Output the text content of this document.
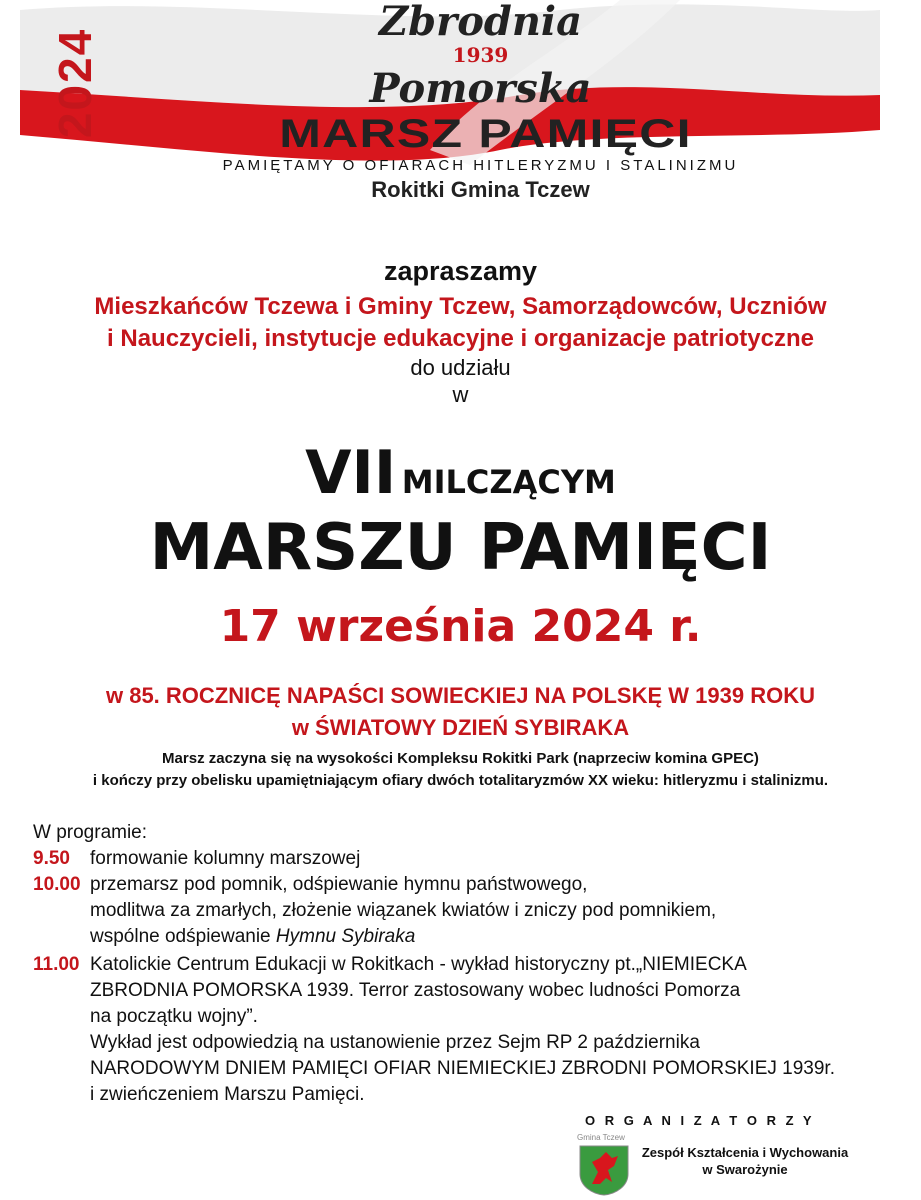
2024
Zbrodnia
1939
Pomorska
MARSZ PAMIĘCI
PAMIĘTAMY O OFIARACH HITLERYZMU I STALINIZMU
Rokitki Gmina Tczew
zapraszamy
Mieszkańców Tczewa i Gminy Tczew, Samorządowców, Uczniów
i Nauczycieli, instytucje edukacyjne i organizacje patriotyczne
do udziału
w
VII MILCZĄCYM
MARSZU PAMIĘCI
17 września 2024 r.
w 85. ROCZNICĘ NAPAŚCI SOWIECKIEJ NA POLSKĘ W 1939 ROKU
w ŚWIATOWY DZIEŃ SYBIRAKA
Marsz zaczyna się na wysokości Kompleksu Rokitki Park (naprzeciw komina GPEC)
i kończy przy obelisku upamiętniającym ofiary dwóch totalitaryzmów XX wieku: hitleryzmu i stalinizmu.
W programie:
9.50 formowanie kolumny marszowej
10.00 przemarsz pod pomnik, odśpiewanie hymnu państwowego,
modlitwa za zmarłych, złożenie wiązanek kwiatów i zniczy pod pomnikiem,
wspólne odśpiewanie Hymnu Sybiraka
11.00 Katolickie Centrum Edukacji w Rokitkach - wykład historyczny pt.„NIEMIECKA
ZBRODNIA POMORSKA 1939. Terror zastosowany wobec ludności Pomorza
na początku wojny”.
Wykład jest odpowiedzią na ustanowienie przez Sejm RP 2 października
NARODOWYM DNIEM PAMIĘCI OFIAR NIEMIECKIEJ ZBRODNI POMORSKIEJ 1939r.
i zwieńczeniem Marszu Pamięci.
O R G A N I Z A T O R Z Y
Gmina Tczew
Zespół Kształcenia i Wychowania
w Swarożynie
